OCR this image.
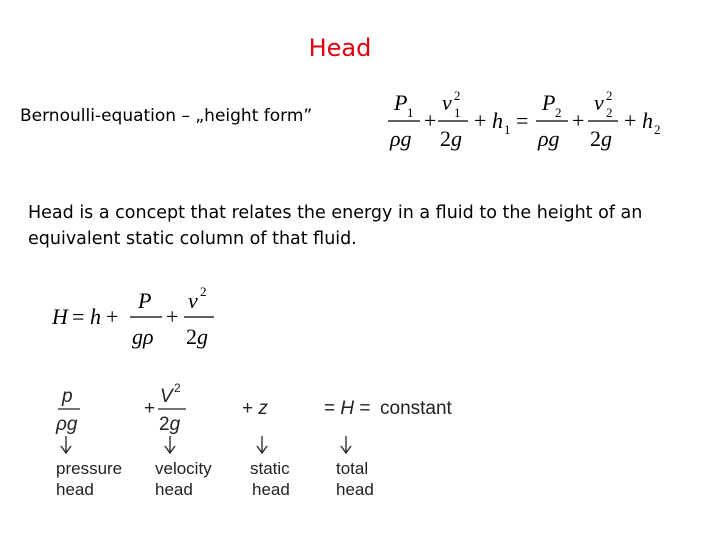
Head
Bernoulli-equation – „height form”
P 1
ρg
+
v 2
1
2g
+ h 1 =
P 2
ρg
+
v 2
2
2g
+ h 2
Head is a concept that relates the energy in a fluid to the height of an equivalent static column of that fluid.
H = h +
P
gρ
+
v 2
2g
p
ρg
+
V 2
2g
+ z	= H = constant
pressure
head
velocity
head
static
head
total
head
